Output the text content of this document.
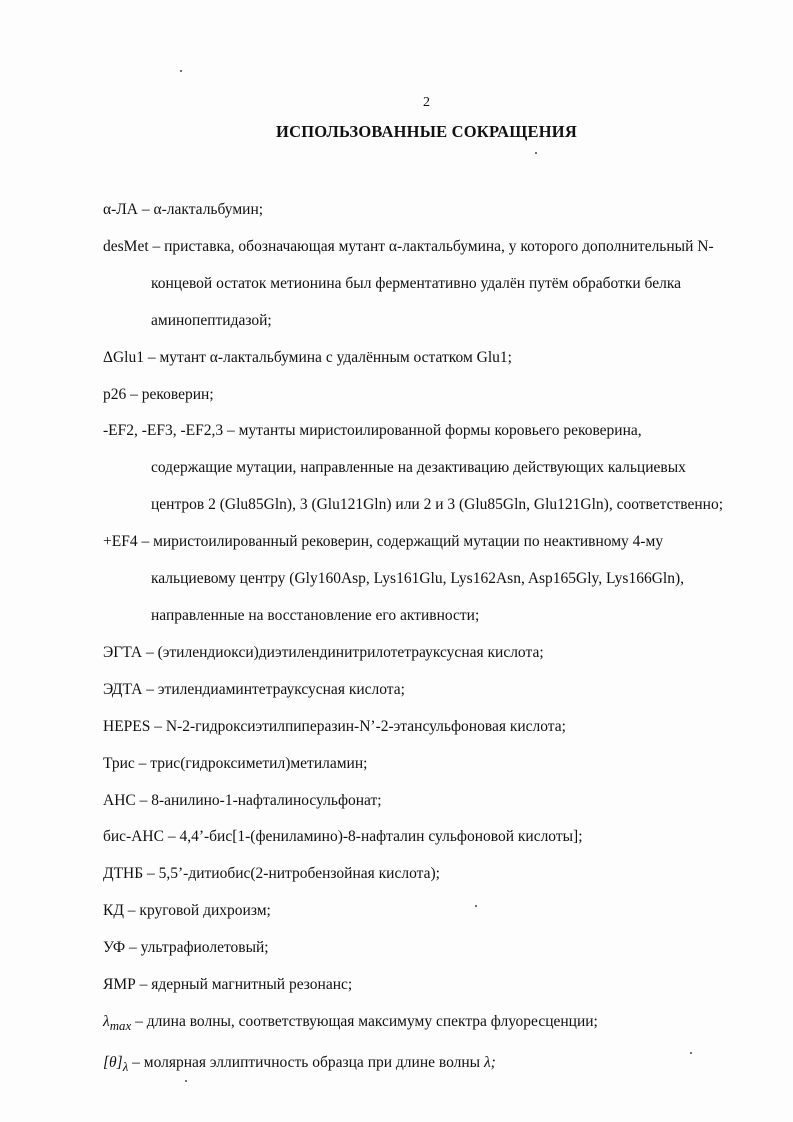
2
ИСПОЛЬЗОВАННЫЕ СОКРАЩЕНИЯ
α-ЛА – α-лактальбумин;
desMet – приставка, обозначающая мутант α-лактальбумина, у которого дополнительный N-
концевой остаток метионина был ферментативно удалён путём обработки белка
аминопептидазой;
ΔGlu1 – мутант α-лактальбумина с удалённым остатком Glu1;
p26 – рековерин;
-EF2, -EF3, -EF2,3 – мутанты миристоилированной формы коровьего рековерина,
содержащие мутации, направленные на дезактивацию действующих кальциевых
центров 2 (Glu85Gln), 3 (Glu121Gln) или 2 и 3 (Glu85Gln, Glu121Gln), соответственно;
+EF4 – миристоилированный рековерин, содержащий мутации по неактивному 4-му
кальциевому центру (Gly160Asp, Lys161Glu, Lys162Asn, Asp165Gly, Lys166Gln),
направленные на восстановление его активности;
ЭГТА – (этилендиокси)диэтилендинитрилотетрауксусная кислота;
ЭДТА – этилендиаминтетрауксусная кислота;
HEPES – N-2-гидроксиэтилпиперазин-N’-2-этансульфоновая кислота;
Трис – трис(гидроксиметил)метиламин;
АНС – 8-анилино-1-нафталиносульфонат;
бис-АНС – 4,4’-бис[1-(фениламино)-8-нафталин сульфоновой кислоты];
ДТНБ – 5,5’-дитиобис(2-нитробензойная кислота);
КД – круговой дихроизм;
УФ – ультрафиолетовый;
ЯМР – ядерный магнитный резонанс;
$\lambda_{max}$ – длина волны, соответствующая максимуму спектра флуоресценции;
$[\theta]_\lambda$ – молярная эллиптичность образца при длине волны λ;
